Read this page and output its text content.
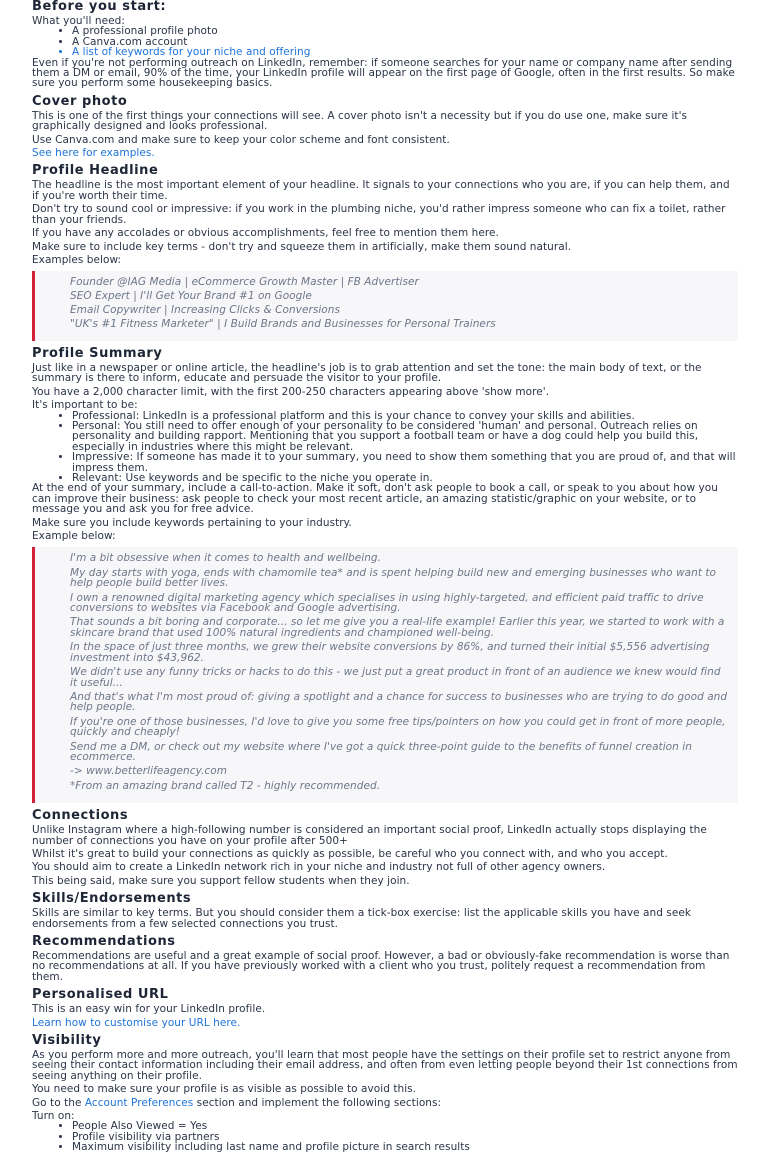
Before you start:

What you'll need:

• A professional profile photo
• A Canva.com account
• A list of keywords for your niche and offering

Even if you're not performing outreach on LinkedIn, remember: if someone searches for your name or company name after sending them a DM or email, 90% of the time, your LinkedIn profile will appear on the first page of Google, often in the first results. So make sure you perform some housekeeping basics.

Cover photo

This is one of the first things your connections will see. A cover photo isn't a necessity but if you do use one, make sure it's graphically designed and looks professional.

Use Canva.com and make sure to keep your color scheme and font consistent.

See here for examples.

Profile Headline

The headline is the most important element of your headline. It signals to your connections who you are, if you can help them, and if you're worth their time.

Don't try to sound cool or impressive: if you work in the plumbing niche, you'd rather impress someone who can fix a toilet, rather than your friends.

If you have any accolades or obvious accomplishments, feel free to mention them here.

Make sure to include key terms - don't try and squeeze them in artificially, make them sound natural.

Examples below:

Founder @IAG Media | eCommerce Growth Master | FB Advertiser

SEO Expert | I'll Get Your Brand #1 on Google

Email Copywriter | Increasing Clicks & Conversions

"UK's #1 Fitness Marketer" | I Build Brands and Businesses for Personal Trainers

Profile Summary

Just like in a newspaper or online article, the headline's job is to grab attention and set the tone: the main body of text, or the summary is there to inform, educate and persuade the visitor to your profile.

You have a 2,000 character limit, with the first 200-250 characters appearing above 'show more'.

It's important to be:

• Professional: LinkedIn is a professional platform and this is your chance to convey your skills and abilities.
• Personal: You still need to offer enough of your personality to be considered 'human' and personal. Outreach relies on personality and building rapport. Mentioning that you support a football team or have a dog could help you build this, especially in industries where this might be relevant.
• Impressive: If someone has made it to your summary, you need to show them something that you are proud of, and that will impress them.
• Relevant: Use keywords and be specific to the niche you operate in.

At the end of your summary, include a call-to-action. Make it soft, don't ask people to book a call, or speak to you about how you can improve their business: ask people to check your most recent article, an amazing statistic/graphic on your website, or to message you and ask you for free advice.

Make sure you include keywords pertaining to your industry.

Example below:

I'm a bit obsessive when it comes to health and wellbeing.

My day starts with yoga, ends with chamomile tea* and is spent helping build new and emerging businesses who want to help people build better lives.

I own a renowned digital marketing agency which specialises in using highly-targeted, and efficient paid traffic to drive conversions to websites via Facebook and Google advertising.

That sounds a bit boring and corporate... so let me give you a real-life example! Earlier this year, we started to work with a skincare brand that used 100% natural ingredients and championed well-being.

In the space of just three months, we grew their website conversions by 86%, and turned their initial $5,556 advertising investment into $43,962.

We didn't use any funny tricks or hacks to do this - we just put a great product in front of an audience we knew would find it useful...

And that's what I'm most proud of: giving a spotlight and a chance for success to businesses who are trying to do good and help people.

If you're one of those businesses, I'd love to give you some free tips/pointers on how you could get in front of more people, quickly and cheaply!

Send me a DM, or check out my website where I've got a quick three-point guide to the benefits of funnel creation in ecommerce.

-> www.betterlifeagency.com

*From an amazing brand called T2 - highly recommended.

Connections

Unlike Instagram where a high-following number is considered an important social proof, LinkedIn actually stops displaying the number of connections you have on your profile after 500+

Whilst it's great to build your connections as quickly as possible, be careful who you connect with, and who you accept.

You should aim to create a LinkedIn network rich in your niche and industry not full of other agency owners.

This being said, make sure you support fellow students when they join.

Skills/Endorsements

Skills are similar to key terms. But you should consider them a tick-box exercise: list the applicable skills you have and seek endorsements from a few selected connections you trust.

Recommendations

Recommendations are useful and a great example of social proof. However, a bad or obviously-fake recommendation is worse than no recommendations at all. If you have previously worked with a client who you trust, politely request a recommendation from them.

Personalised URL

This is an easy win for your LinkedIn profile.

Learn how to customise your URL here.

Visibility

As you perform more and more outreach, you'll learn that most people have the settings on their profile set to restrict anyone from seeing their contact information including their email address, and often from even letting people beyond their 1st connections from seeing anything on their profile.

You need to make sure your profile is as visible as possible to avoid this.

Go to the Account Preferences section and implement the following sections:

Turn on:

• People Also Viewed = Yes
• Profile visibility via partners
• Maximum visibility including last name and profile picture in search results
